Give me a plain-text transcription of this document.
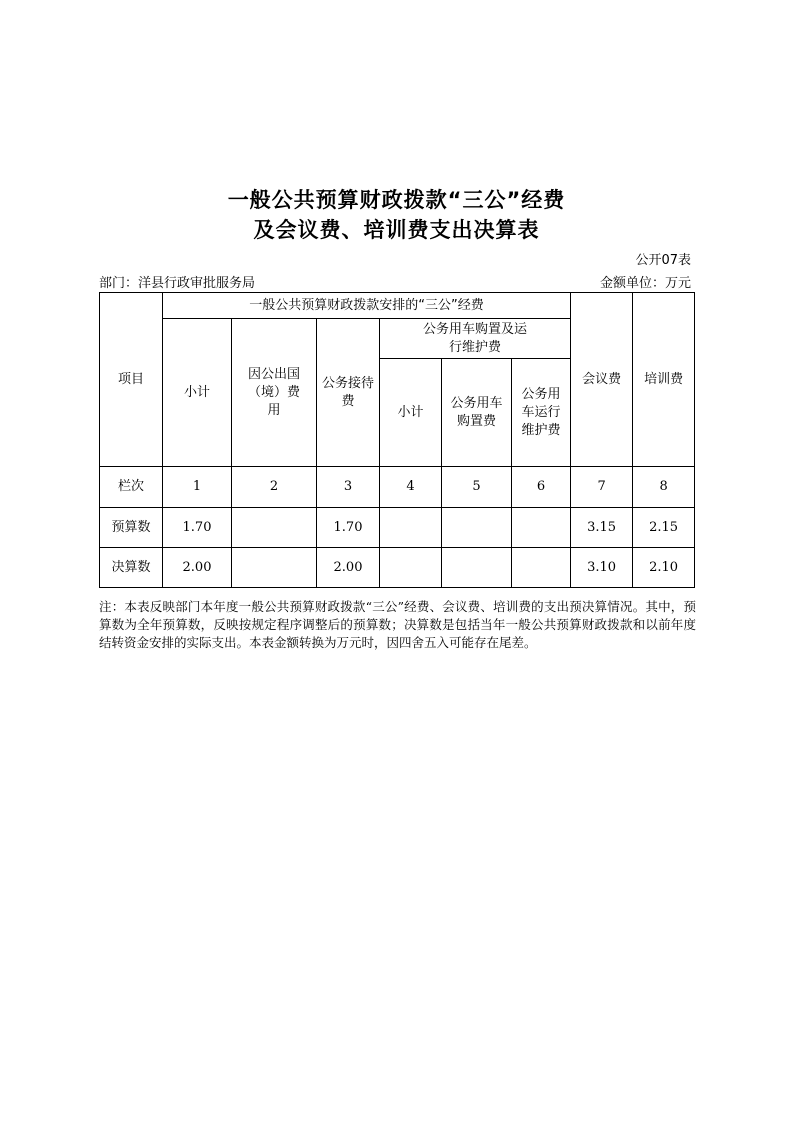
一般公共预算财政拨款“三公”经费
及会议费、培训费支出决算表
公开07表
部门：洋县行政审批服务局	金额单位：万元
项目	一般公共预算财政拨款安排的“三公”经费						会议费	培训费
	小计	因公出国（境）费用	公务接待费	公务用车购置及运行维护费				
				小计	公务用车购置费	公务用车运行维护费		
栏次	1	2	3	4	5	6	7	8
预算数	1.70		1.70				3.15	2.15
决算数	2.00		2.00				3.10	2.10
注：本表反映部门本年度一般公共预算财政拨款“三公”经费、会议费、培训费的支出预决算情况。其中，预算数为全年预算数，反映按规定程序调整后的预算数；决算数是包括当年一般公共预算财政拨款和以前年度结转资金安排的实际支出。本表金额转换为万元时，因四舍五入可能存在尾差。
